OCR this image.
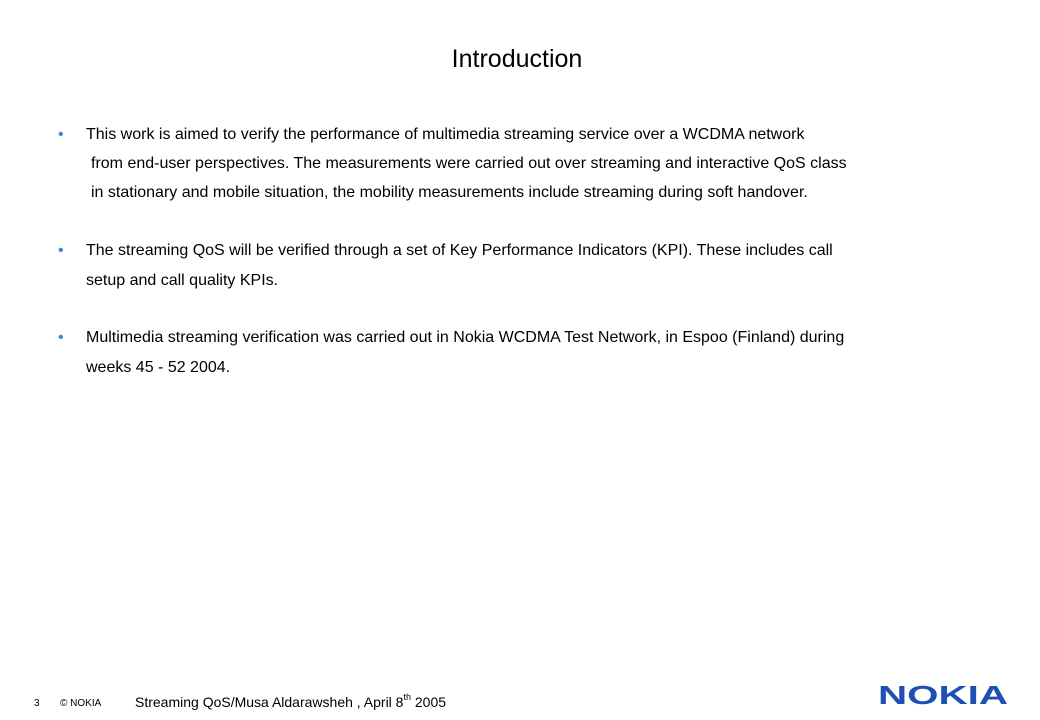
Introduction
•	This work is aimed to verify the performance of multimedia streaming service over a WCDMA network
from end-user perspectives. The measurements were carried out over streaming and interactive QoS class
in stationary and mobile situation, the mobility measurements include streaming during soft handover.
•	The streaming QoS will be verified through a set of Key Performance Indicators (KPI). These includes call
setup and call quality KPIs.
•	Multimedia streaming verification was carried out in Nokia WCDMA Test Network, in Espoo (Finland) during
weeks 45 - 52 2004.
3 © NOKIA Streaming QoS/Musa Aldarawsheh , April 8th 2005	NOKIA
